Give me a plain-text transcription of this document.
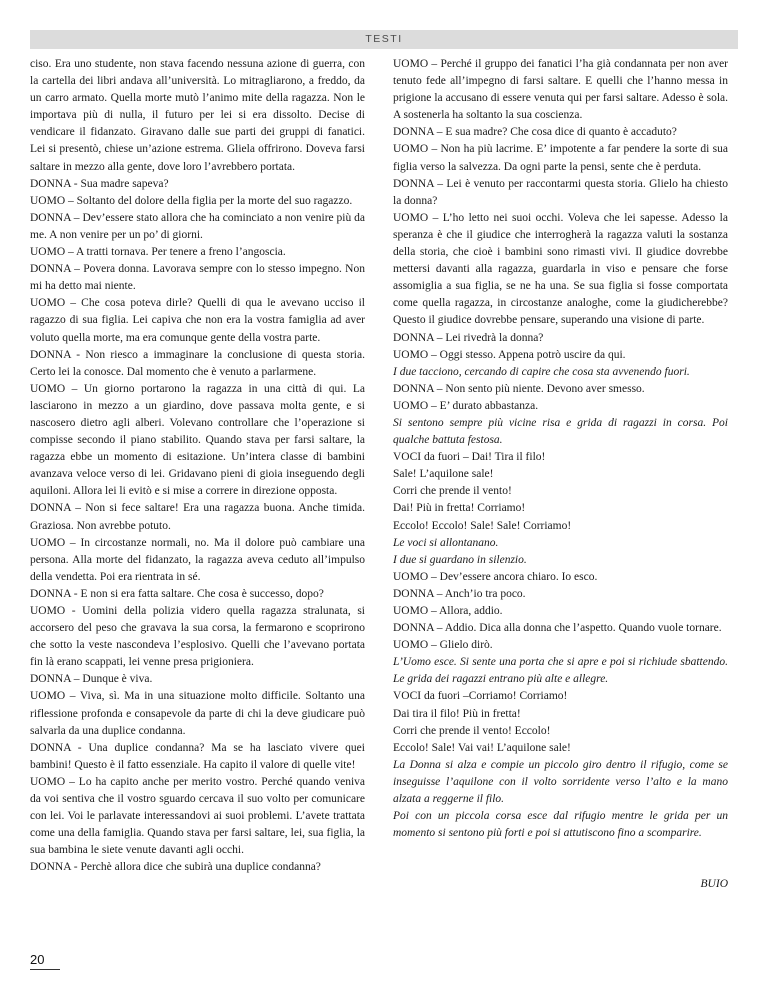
TESTI

ciso. Era uno studente, non stava facendo nessuna azione di guerra, con la cartella dei libri andava all’università. Lo mitragliarono, a freddo, da un carro armato. Quella morte mutò l’animo mite della ragazza. Non le importava più di nulla, il futuro per lei si era dissolto. Decise di vendicare il fidanzato. Giravano dalle sue parti dei gruppi di fanatici. Lei si presentò, chiese un’azione estrema. Gliela offrirono. Doveva farsi saltare in mezzo alla gente, dove loro l’avrebbero portata.

DONNA - Sua madre sapeva?

UOMO – Soltanto del dolore della figlia per la morte del suo ragazzo.

DONNA – Dev’essere stato allora che ha cominciato a non venire più da me. A non venire per un po’ di giorni.

UOMO – A tratti tornava. Per tenere a freno l’angoscia.

DONNA – Povera donna. Lavorava sempre con lo stesso impegno. Non mi ha detto mai niente.

UOMO – Che cosa poteva dirle? Quelli di qua le avevano ucciso il ragazzo di sua figlia. Lei capiva che non era la vostra famiglia ad aver voluto quella morte, ma era comunque gente della vostra parte.

DONNA - Non riesco a immaginare la conclusione di questa storia. Certo lei la conosce. Dal momento che è venuto a parlarmene.

UOMO – Un giorno portarono la ragazza in una città di qui. La lasciarono in mezzo a un giardino, dove passava molta gente, e si nascosero dietro agli alberi. Volevano controllare che l’operazione si compisse secondo il piano stabilito. Quando stava per farsi saltare, la ragazza ebbe un momento di esitazione. Un’intera classe di bambini avanzava veloce verso di lei. Gridavano pieni di gioia inseguendo degli aquiloni. Allora lei li evitò e si mise a correre in direzione opposta.

DONNA – Non si fece saltare! Era una ragazza buona. Anche timida. Graziosa. Non avrebbe potuto.

UOMO – In circostanze normali, no. Ma il dolore può cambiare una persona. Alla morte del fidanzato, la ragazza aveva ceduto all’impulso della vendetta. Poi era rientrata in sé.

DONNA - E non si era fatta saltare. Che cosa è successo, dopo?

UOMO - Uomini della polizia videro quella ragazza stralunata, si accorsero del peso che gravava la sua corsa, la fermarono e scoprirono che sotto la veste nascondeva l’esplosivo. Quelli che l’avevano portata fin là erano scappati, lei venne presa prigioniera.

DONNA – Dunque è viva.

UOMO – Viva, sì. Ma in una situazione molto difficile. Soltanto una riflessione profonda e consapevole da parte di chi la deve giudicare può salvarla da una duplice condanna.

DONNA - Una duplice condanna? Ma se ha lasciato vivere quei bambini! Questo è il fatto essenziale. Ha capito il valore di quelle vite!

UOMO – Lo ha capito anche per merito vostro. Perché quando veniva da voi sentiva che il vostro sguardo cercava il suo volto per comunicare con lei. Voi le parlavate interessandovi ai suoi problemi. L’avete trattata come una della famiglia. Quando stava per farsi saltare, lei, sua figlia, la sua bambina le siete venute davanti agli occhi.

DONNA - Perchè allora dice che subirà una duplice condanna?

UOMO – Perché il gruppo dei fanatici l’ha già condannata per non aver tenuto fede all’impegno di farsi saltare. E quelli che l’hanno messa in prigione la accusano di essere venuta qui per farsi saltare. Adesso è sola. A sostenerla ha soltanto la sua coscienza.

DONNA – E sua madre? Che cosa dice di quanto è accaduto?

UOMO – Non ha più lacrime. E’ impotente a far pendere la sorte di sua figlia verso la salvezza. Da ogni parte la pensi, sente che è perduta.

DONNA – Lei è venuto per raccontarmi questa storia. Glielo ha chiesto la donna?

UOMO – L’ho letto nei suoi occhi. Voleva che lei sapesse. Adesso la speranza è che il giudice che interrogherà la ragazza valuti la sostanza della storia, che cioè i bambini sono rimasti vivi. Il giudice dovrebbe mettersi davanti alla ragazza, guardarla in viso e pensare che forse assomiglia a sua figlia, se ne ha una. Se sua figlia si fosse comportata come quella ragazza, in circostanze analoghe, come la giudicherebbe? Questo il giudice dovrebbe pensare, superando una visione di parte.

DONNA – Lei rivedrà la donna?

UOMO – Oggi stesso. Appena potrò uscire da qui.

I due tacciono, cercando di capire che cosa sta avvenendo fuori.

DONNA – Non sento più niente. Devono aver smesso.

UOMO – E’ durato abbastanza.

Si sentono sempre più vicine risa e grida di ragazzi in corsa. Poi qualche battuta festosa.

VOCI da fuori – Dai! Tira il filo!

Sale! L’aquilone sale!

Corri che prende il vento!

Dai! Più in fretta! Corriamo!

Eccolo! Eccolo! Sale! Sale! Corriamo!

Le voci si allontanano.

I due si guardano in silenzio.

UOMO – Dev’essere ancora chiaro. Io esco.

DONNA – Anch’io tra poco.

UOMO – Allora, addio.

DONNA – Addio. Dica alla donna che l’aspetto. Quando vuole tornare.

UOMO – Glielo dirò.

L’Uomo esce. Si sente una porta che si apre e poi si richiude sbattendo. Le grida dei ragazzi entrano più alte e allegre.

VOCI da fuori –Corriamo! Corriamo!

Dai tira il filo! Più in fretta!

Corri che prende il vento! Eccolo!

Eccolo! Sale! Vai vai! L’aquilone sale!

La Donna si alza e compie un piccolo giro dentro il rifugio, come se inseguisse l’aquilone con il volto sorridente verso l’alto e la mano alzata a reggerne il filo.

Poi con un piccola corsa esce dal rifugio mentre le grida per un momento si sentono più forti e poi si attutiscono fino a scomparire.

BUIO

20
